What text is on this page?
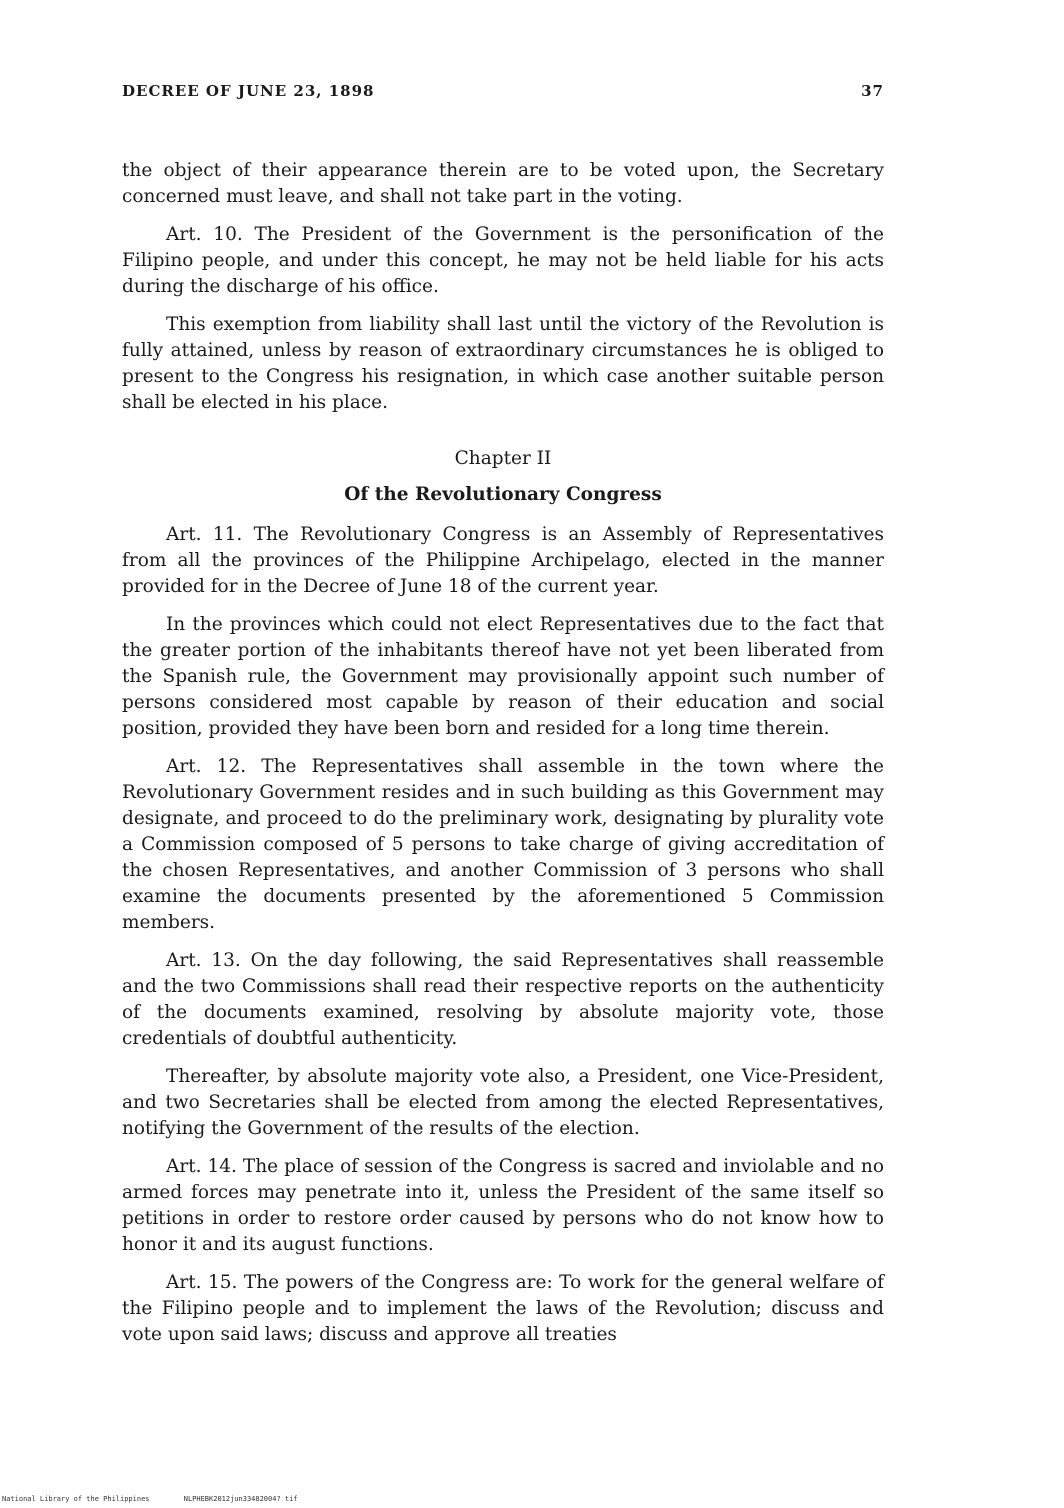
DECREE OF JUNE 23, 1898	37

the object of their appearance therein are to be voted upon, the Secretary concerned must leave, and shall not take part in the voting.

Art. 10. The President of the Government is the personification of the Filipino people, and under this concept, he may not be held liable for his acts during the discharge of his office.

This exemption from liability shall last until the victory of the Revolution is fully attained, unless by reason of extraordinary circumstances he is obliged to present to the Congress his resignation, in which case another suitable person shall be elected in his place.

Chapter II
Of the Revolutionary Congress

Art. 11. The Revolutionary Congress is an Assembly of Representatives from all the provinces of the Philippine Archipelago, elected in the manner provided for in the Decree of June 18 of the current year.

In the provinces which could not elect Representatives due to the fact that the greater portion of the inhabitants thereof have not yet been liberated from the Spanish rule, the Government may provisionally appoint such number of persons considered most capable by reason of their education and social position, provided they have been born and resided for a long time therein.

Art. 12. The Representatives shall assemble in the town where the Revolutionary Government resides and in such building as this Government may designate, and proceed to do the preliminary work, designating by plurality vote a Commission composed of 5 persons to take charge of giving accreditation of the chosen Representatives, and another Commission of 3 persons who shall examine the documents presented by the aforementioned 5 Commission members.

Art. 13. On the day following, the said Representatives shall reassemble and the two Commissions shall read their respective reports on the authenticity of the documents examined, resolving by absolute majority vote, those credentials of doubtful authenticity.

Thereafter, by absolute majority vote also, a President, one Vice-President, and two Secretaries shall be elected from among the elected Representatives, notifying the Government of the results of the election.

Art. 14. The place of session of the Congress is sacred and inviolable and no armed forces may penetrate into it, unless the President of the same itself so petitions in order to restore order caused by persons who do not know how to honor it and its august functions.

Art. 15. The powers of the Congress are: To work for the general welfare of the Filipino people and to implement the laws of the Revolution; discuss and vote upon said laws; discuss and approve all treaties

National Library of the Philippines	NLPHEBK2012jun33482004? tif
